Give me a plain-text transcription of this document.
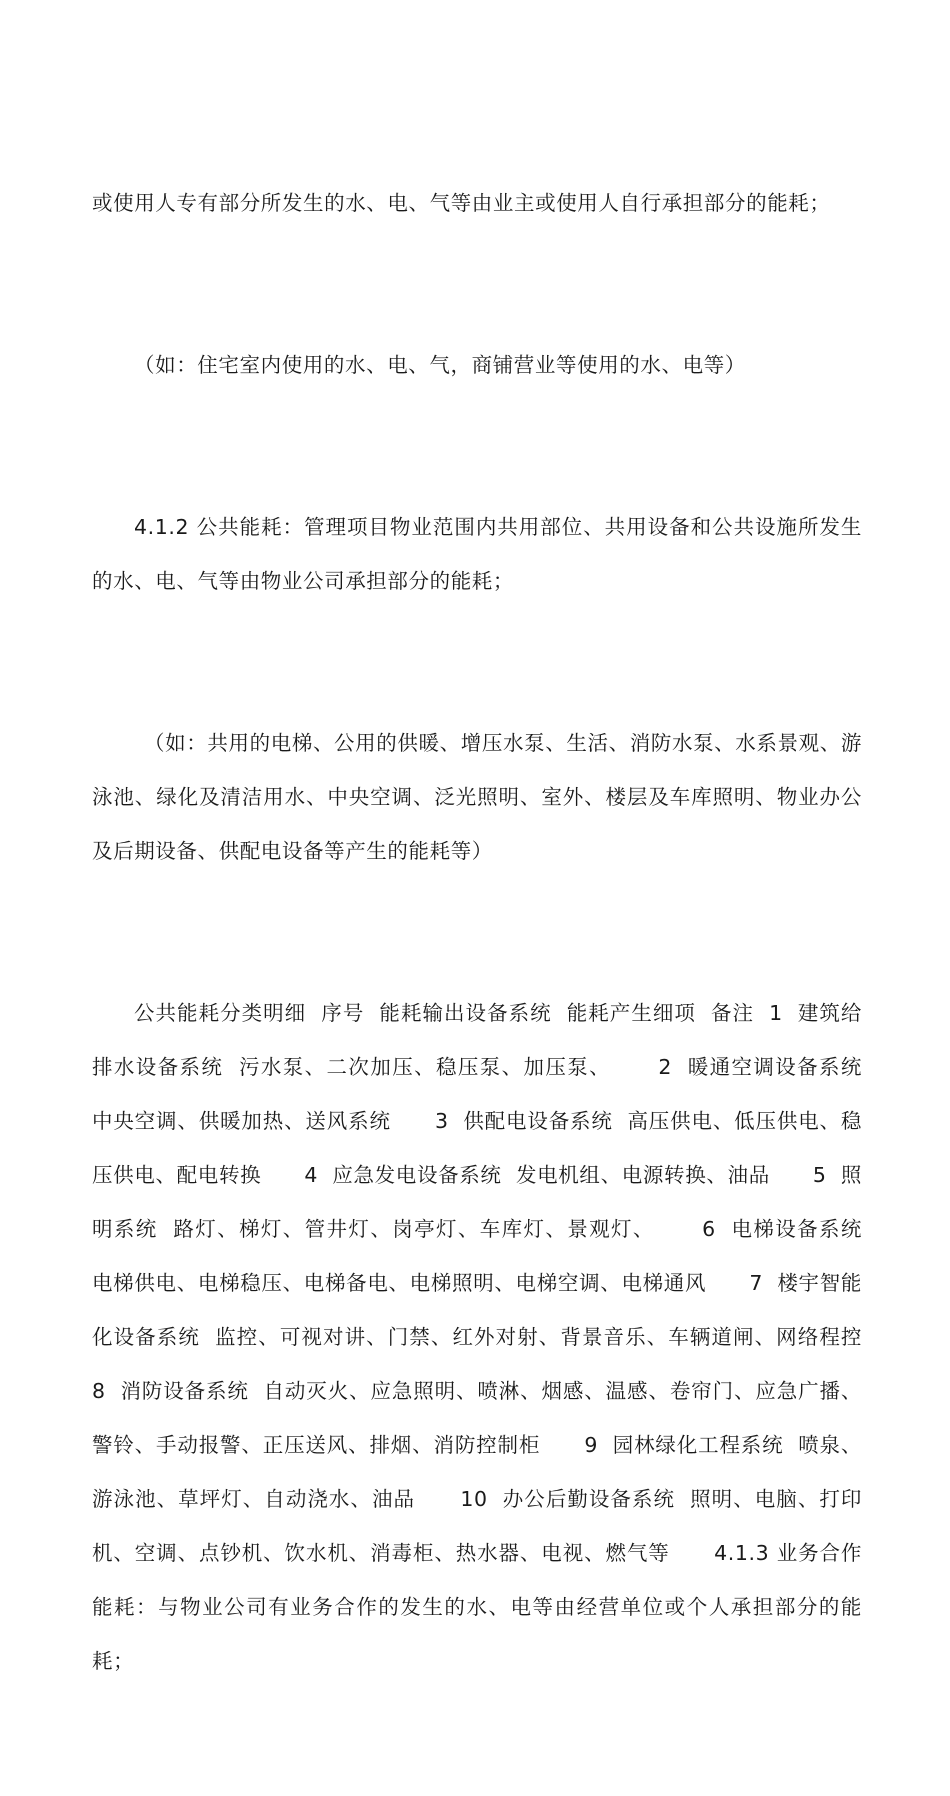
或使用人专有部分所发生的水、电、气等由业主或使用人自行承担部分的能耗；

（如：住宅室内使用的水、电、气，商铺营业等使用的水、电等）

4.1.2 公共能耗：管理项目物业范围内共用部位、共用设备和公共设施所发生的水、电、气等由物业公司承担部分的能耗；

（如：共用的电梯、公用的供暖、增压水泵、生活、消防水泵、水系景观、游泳池、绿化及清洁用水、中央空调、泛光照明、室外、楼层及车库照明、物业办公及后期设备、供配电设备等产生的能耗等）

公共能耗分类明细  序号  能耗输出设备系统  能耗产生细项  备注  1  建筑给排水设备系统  污水泵、二次加压、稳压泵、加压泵、      2  暖通空调设备系统  中央空调、供暖加热、送风系统      3  供配电设备系统  高压供电、低压供电、稳压供电、配电转换      4  应急发电设备系统  发电机组、电源转换、油品      5  照明系统  路灯、梯灯、管井灯、岗亭灯、车库灯、景观灯、      6  电梯设备系统  电梯供电、电梯稳压、电梯备电、电梯照明、电梯空调、电梯通风      7  楼宇智能化设备系统  监控、可视对讲、门禁、红外对射、背景音乐、车辆道闸、网络程控      8  消防设备系统  自动灭火、应急照明、喷淋、烟感、温感、卷帘门、应急广播、警铃、手动报警、正压送风、排烟、消防控制柜      9  园林绿化工程系统  喷泉、游泳池、草坪灯、自动浇水、油品      10  办公后勤设备系统  照明、电脑、打印机、空调、点钞机、饮水机、消毒柜、热水器、电视、燃气等      4.1.3 业务合作能耗：与物业公司有业务合作的发生的水、电等由经营单位或个人承担部分的能耗；
